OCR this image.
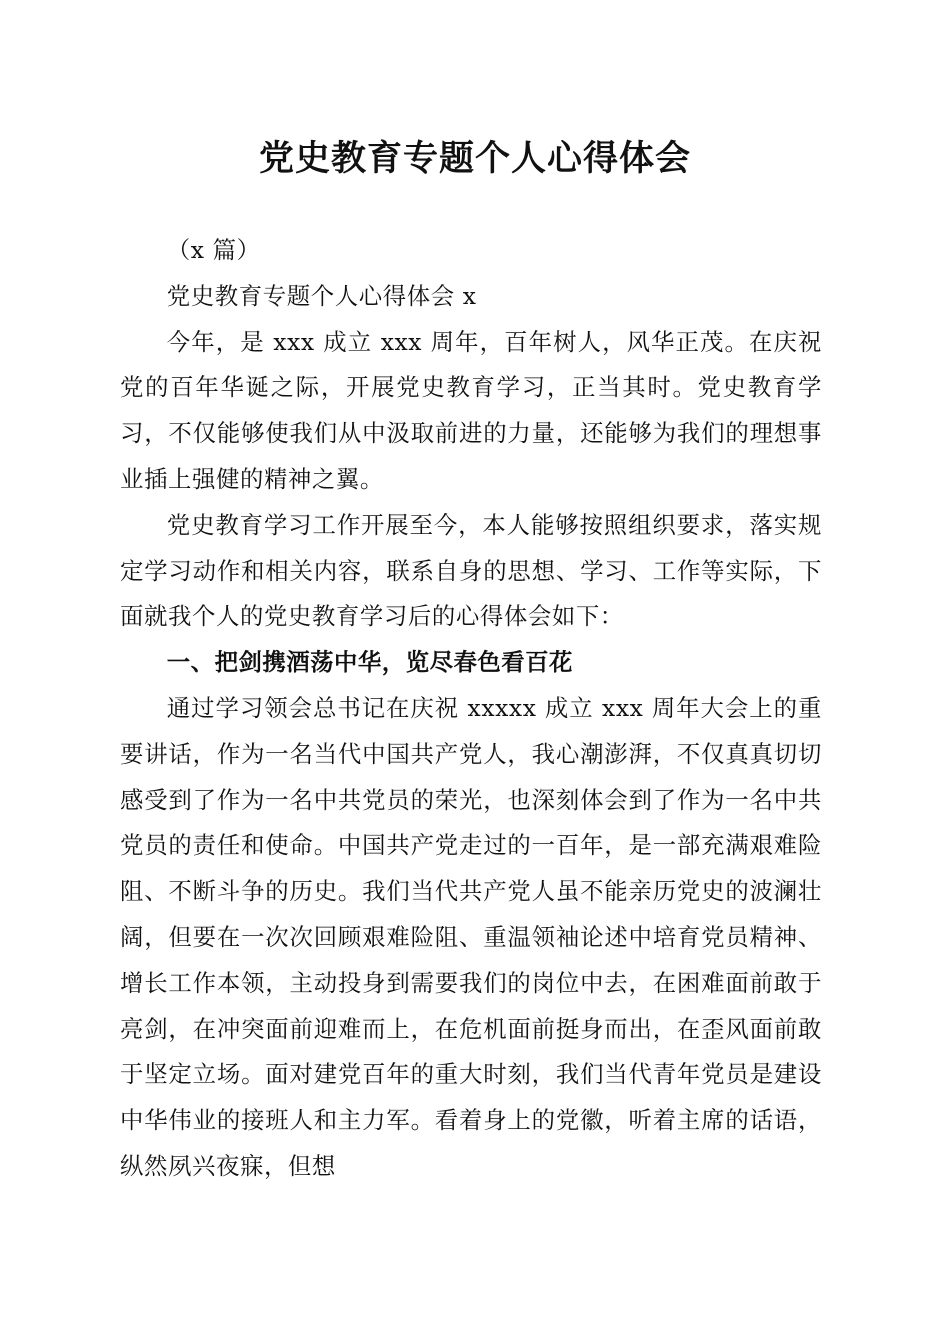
党史教育专题个人心得体会

（x 篇）

党史教育专题个人心得体会 x

今年，是 xxx 成立 xxx 周年，百年树人，风华正茂。在庆祝党的百年华诞之际，开展党史教育学习，正当其时。党史教育学习，不仅能够使我们从中汲取前进的力量，还能够为我们的理想事业插上强健的精神之翼。

党史教育学习工作开展至今，本人能够按照组织要求，落实规定学习动作和相关内容，联系自身的思想、学习、工作等实际，下面就我个人的党史教育学习后的心得体会如下：

一、把剑携酒荡中华，览尽春色看百花

通过学习领会总书记在庆祝 xxxxx 成立 xxx 周年大会上的重要讲话，作为一名当代中国共产党人，我心潮澎湃，不仅真真切切感受到了作为一名中共党员的荣光，也深刻体会到了作为一名中共党员的责任和使命。中国共产党走过的一百年，是一部充满艰难险阻、不断斗争的历史。我们当代共产党人虽不能亲历党史的波澜壮阔，但要在一次次回顾艰难险阻、重温领袖论述中培育党员精神、增长工作本领，主动投身到需要我们的岗位中去，在困难面前敢于亮剑，在冲突面前迎难而上，在危机面前挺身而出，在歪风面前敢于坚定立场。面对建党百年的重大时刻，我们当代青年党员是建设中华伟业的接班人和主力军。看着身上的党徽，听着主席的话语，纵然夙兴夜寐，但想
